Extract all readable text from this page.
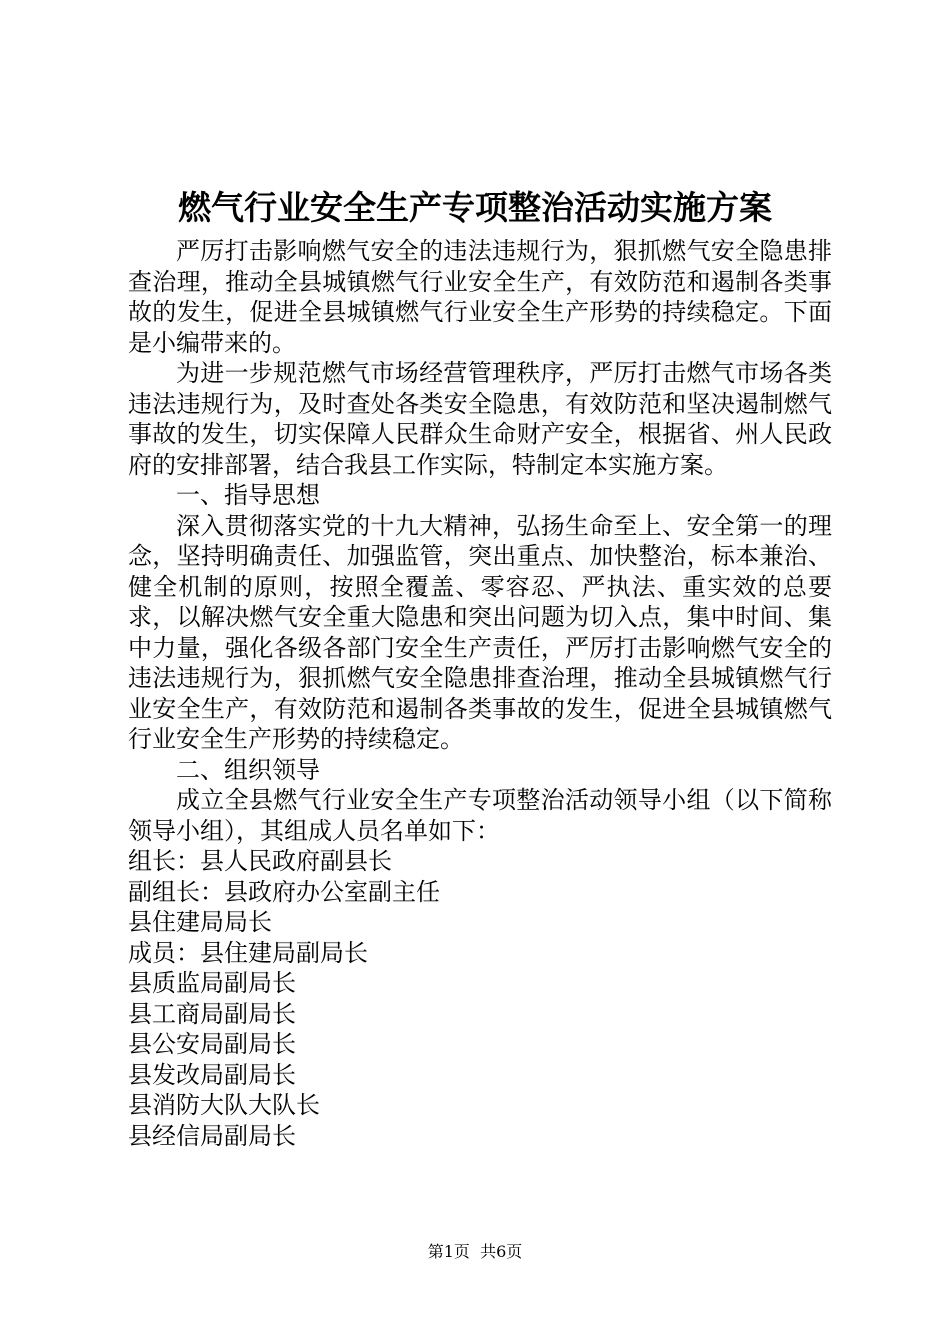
燃气行业安全生产专项整治活动实施方案

严厉打击影响燃气安全的违法违规行为，狠抓燃气安全隐患排查治理，推动全县城镇燃气行业安全生产，有效防范和遏制各类事故的发生，促进全县城镇燃气行业安全生产形势的持续稳定。下面是小编带来的。

为进一步规范燃气市场经营管理秩序，严厉打击燃气市场各类违法违规行为，及时查处各类安全隐患，有效防范和坚决遏制燃气事故的发生，切实保障人民群众生命财产安全，根据省、州人民政府的安排部署，结合我县工作实际，特制定本实施方案。

一、指导思想

深入贯彻落实党的十九大精神，弘扬生命至上、安全第一的理念，坚持明确责任、加强监管，突出重点、加快整治，标本兼治、健全机制的原则，按照全覆盖、零容忍、严执法、重实效的总要求，以解决燃气安全重大隐患和突出问题为切入点，集中时间、集中力量，强化各级各部门安全生产责任，严厉打击影响燃气安全的违法违规行为，狠抓燃气安全隐患排查治理，推动全县城镇燃气行业安全生产，有效防范和遏制各类事故的发生，促进全县城镇燃气行业安全生产形势的持续稳定。

二、组织领导

成立全县燃气行业安全生产专项整治活动领导小组（以下简称领导小组），其组成人员名单如下：

组长：县人民政府副县长

副组长：县政府办公室副主任

县住建局局长

成员：县住建局副局长

县质监局副局长

县工商局副局长

县公安局副局长

县发改局副局长

县消防大队大队长

县经信局副局长

第1页  共6页
